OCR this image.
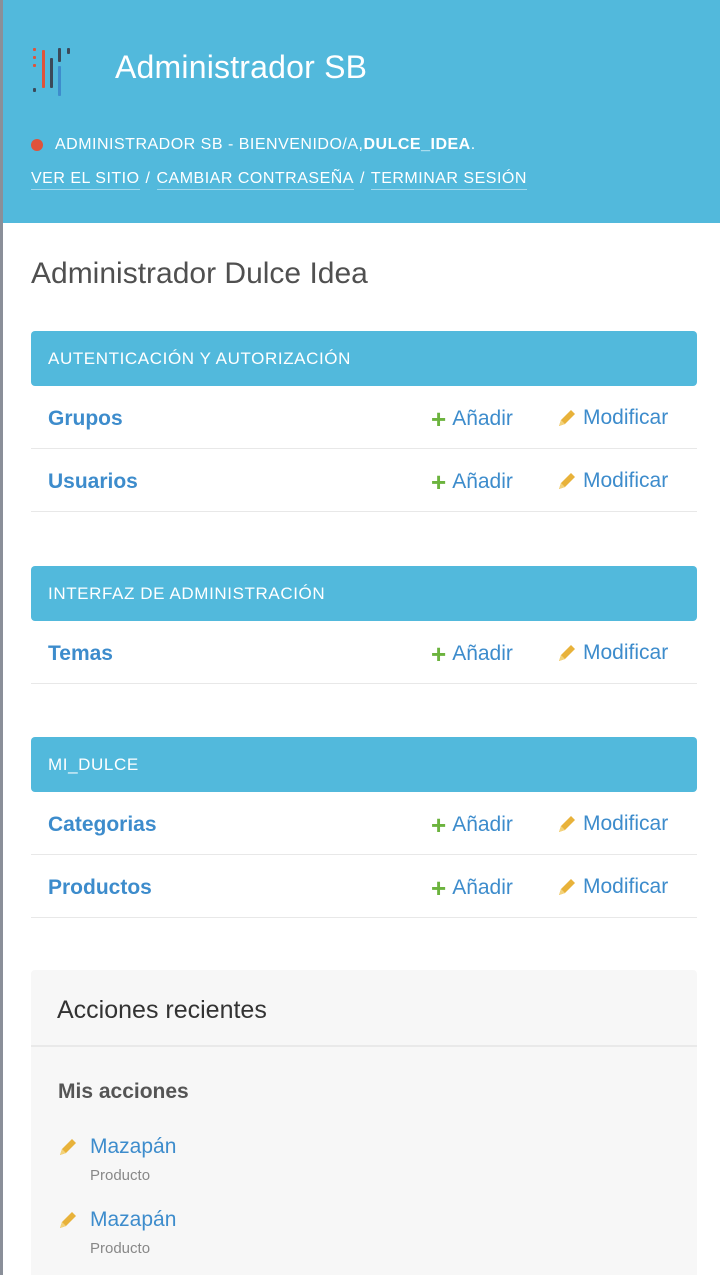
Administrador SB
ADMINISTRADOR SB - BIENVENIDO/A, DULCE_IDEA .
VER EL SITIO / CAMBIAR CONTRASEÑA / TERMINAR SESIÓN
Administrador Dulce Idea
AUTENTICACIÓN Y AUTORIZACIÓN
Grupos	+ Añadir	Modificar
Usuarios	+ Añadir	Modificar
INTERFAZ DE ADMINISTRACIÓN
Temas	+ Añadir	Modificar
MI_DULCE
Categorias	+ Añadir	Modificar
Productos	+ Añadir	Modificar
Acciones recientes
Mis acciones
Mazapán
Producto
Mazapán
Producto
